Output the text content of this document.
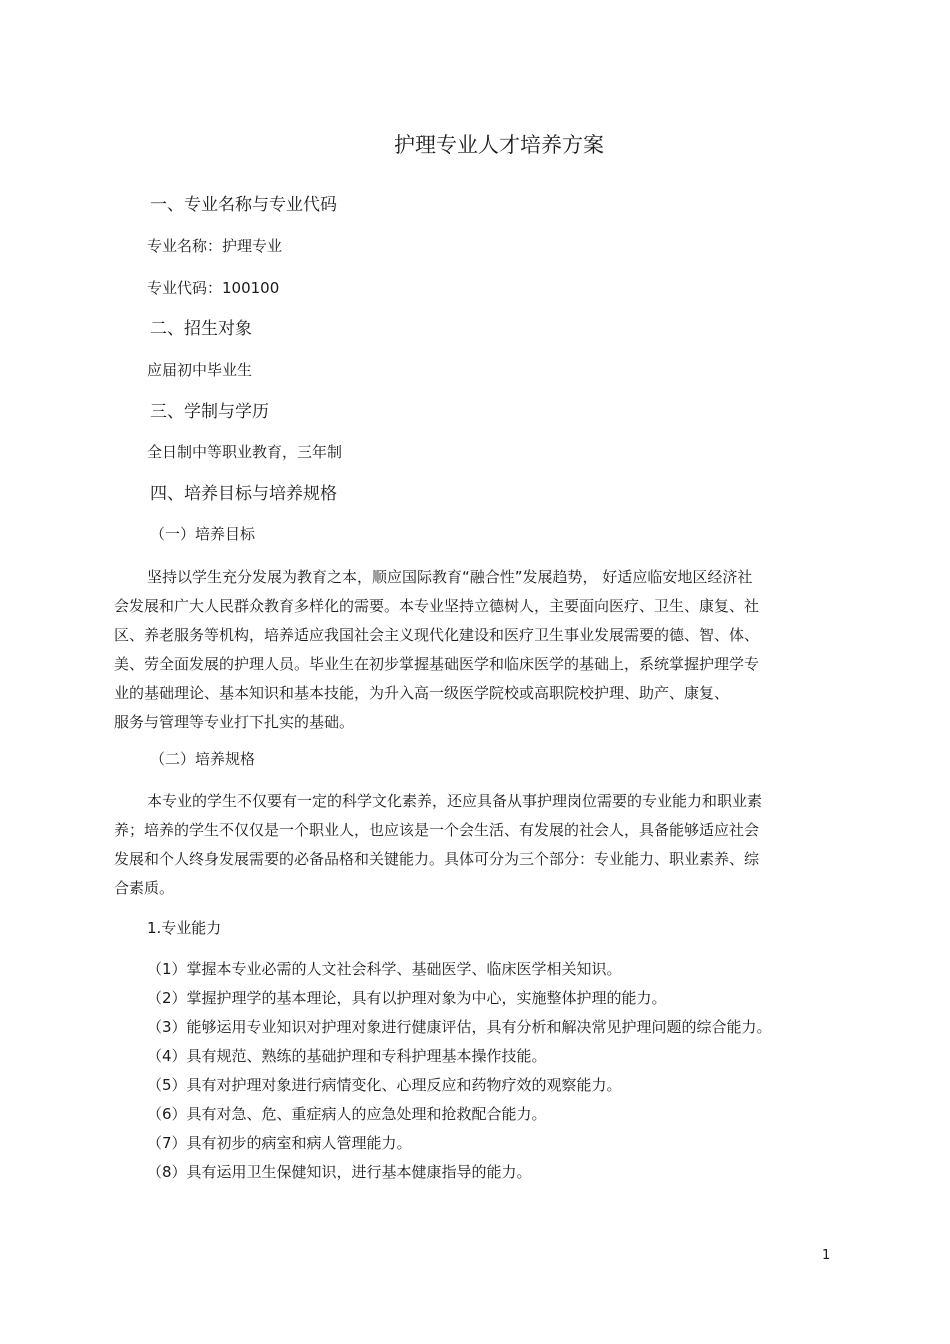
护理专业人才培养方案
一、专业名称与专业代码
专业名称：护理专业
专业代码：100100
二、招生对象
应届初中毕业生
三、学制与学历
全日制中等职业教育，三年制
四、培养目标与培养规格
（一）培养目标
坚持以学生充分发展为教育之本，顺应国际教育“融合性”发展趋势， 好适应临安地区经济社
会发展和广大人民群众教育多样化的需要。本专业坚持立德树人，主要面向医疗、卫生、康复、社
区、养老服务等机构，培养适应我国社会主义现代化建设和医疗卫生事业发展需要的德、智、体、
美、劳全面发展的护理人员。毕业生在初步掌握基础医学和临床医学的基础上，系统掌握护理学专
业的基础理论、基本知识和基本技能，为升入高一级医学院校或高职院校护理、助产、康复、
服务与管理等专业打下扎实的基础。
（二）培养规格
本专业的学生不仅要有一定的科学文化素养，还应具备从事护理岗位需要的专业能力和职业素
养；培养的学生不仅仅是一个职业人，也应该是一个会生活、有发展的社会人，具备能够适应社会
发展和个人终身发展需要的必备品格和关键能力。具体可分为三个部分：专业能力、职业素养、综
合素质。
1.专业能力
（1）掌握本专业必需的人文社会科学、基础医学、临床医学相关知识。
（2）掌握护理学的基本理论，具有以护理对象为中心，实施整体护理的能力。
（3）能够运用专业知识对护理对象进行健康评估，具有分析和解决常见护理问题的综合能力。
（4）具有规范、熟练的基础护理和专科护理基本操作技能。
（5）具有对护理对象进行病情变化、心理反应和药物疗效的观察能力。
（6）具有对急、危、重症病人的应急处理和抢救配合能力。
（7）具有初步的病室和病人管理能力。
（8）具有运用卫生保健知识，进行基本健康指导的能力。
1
